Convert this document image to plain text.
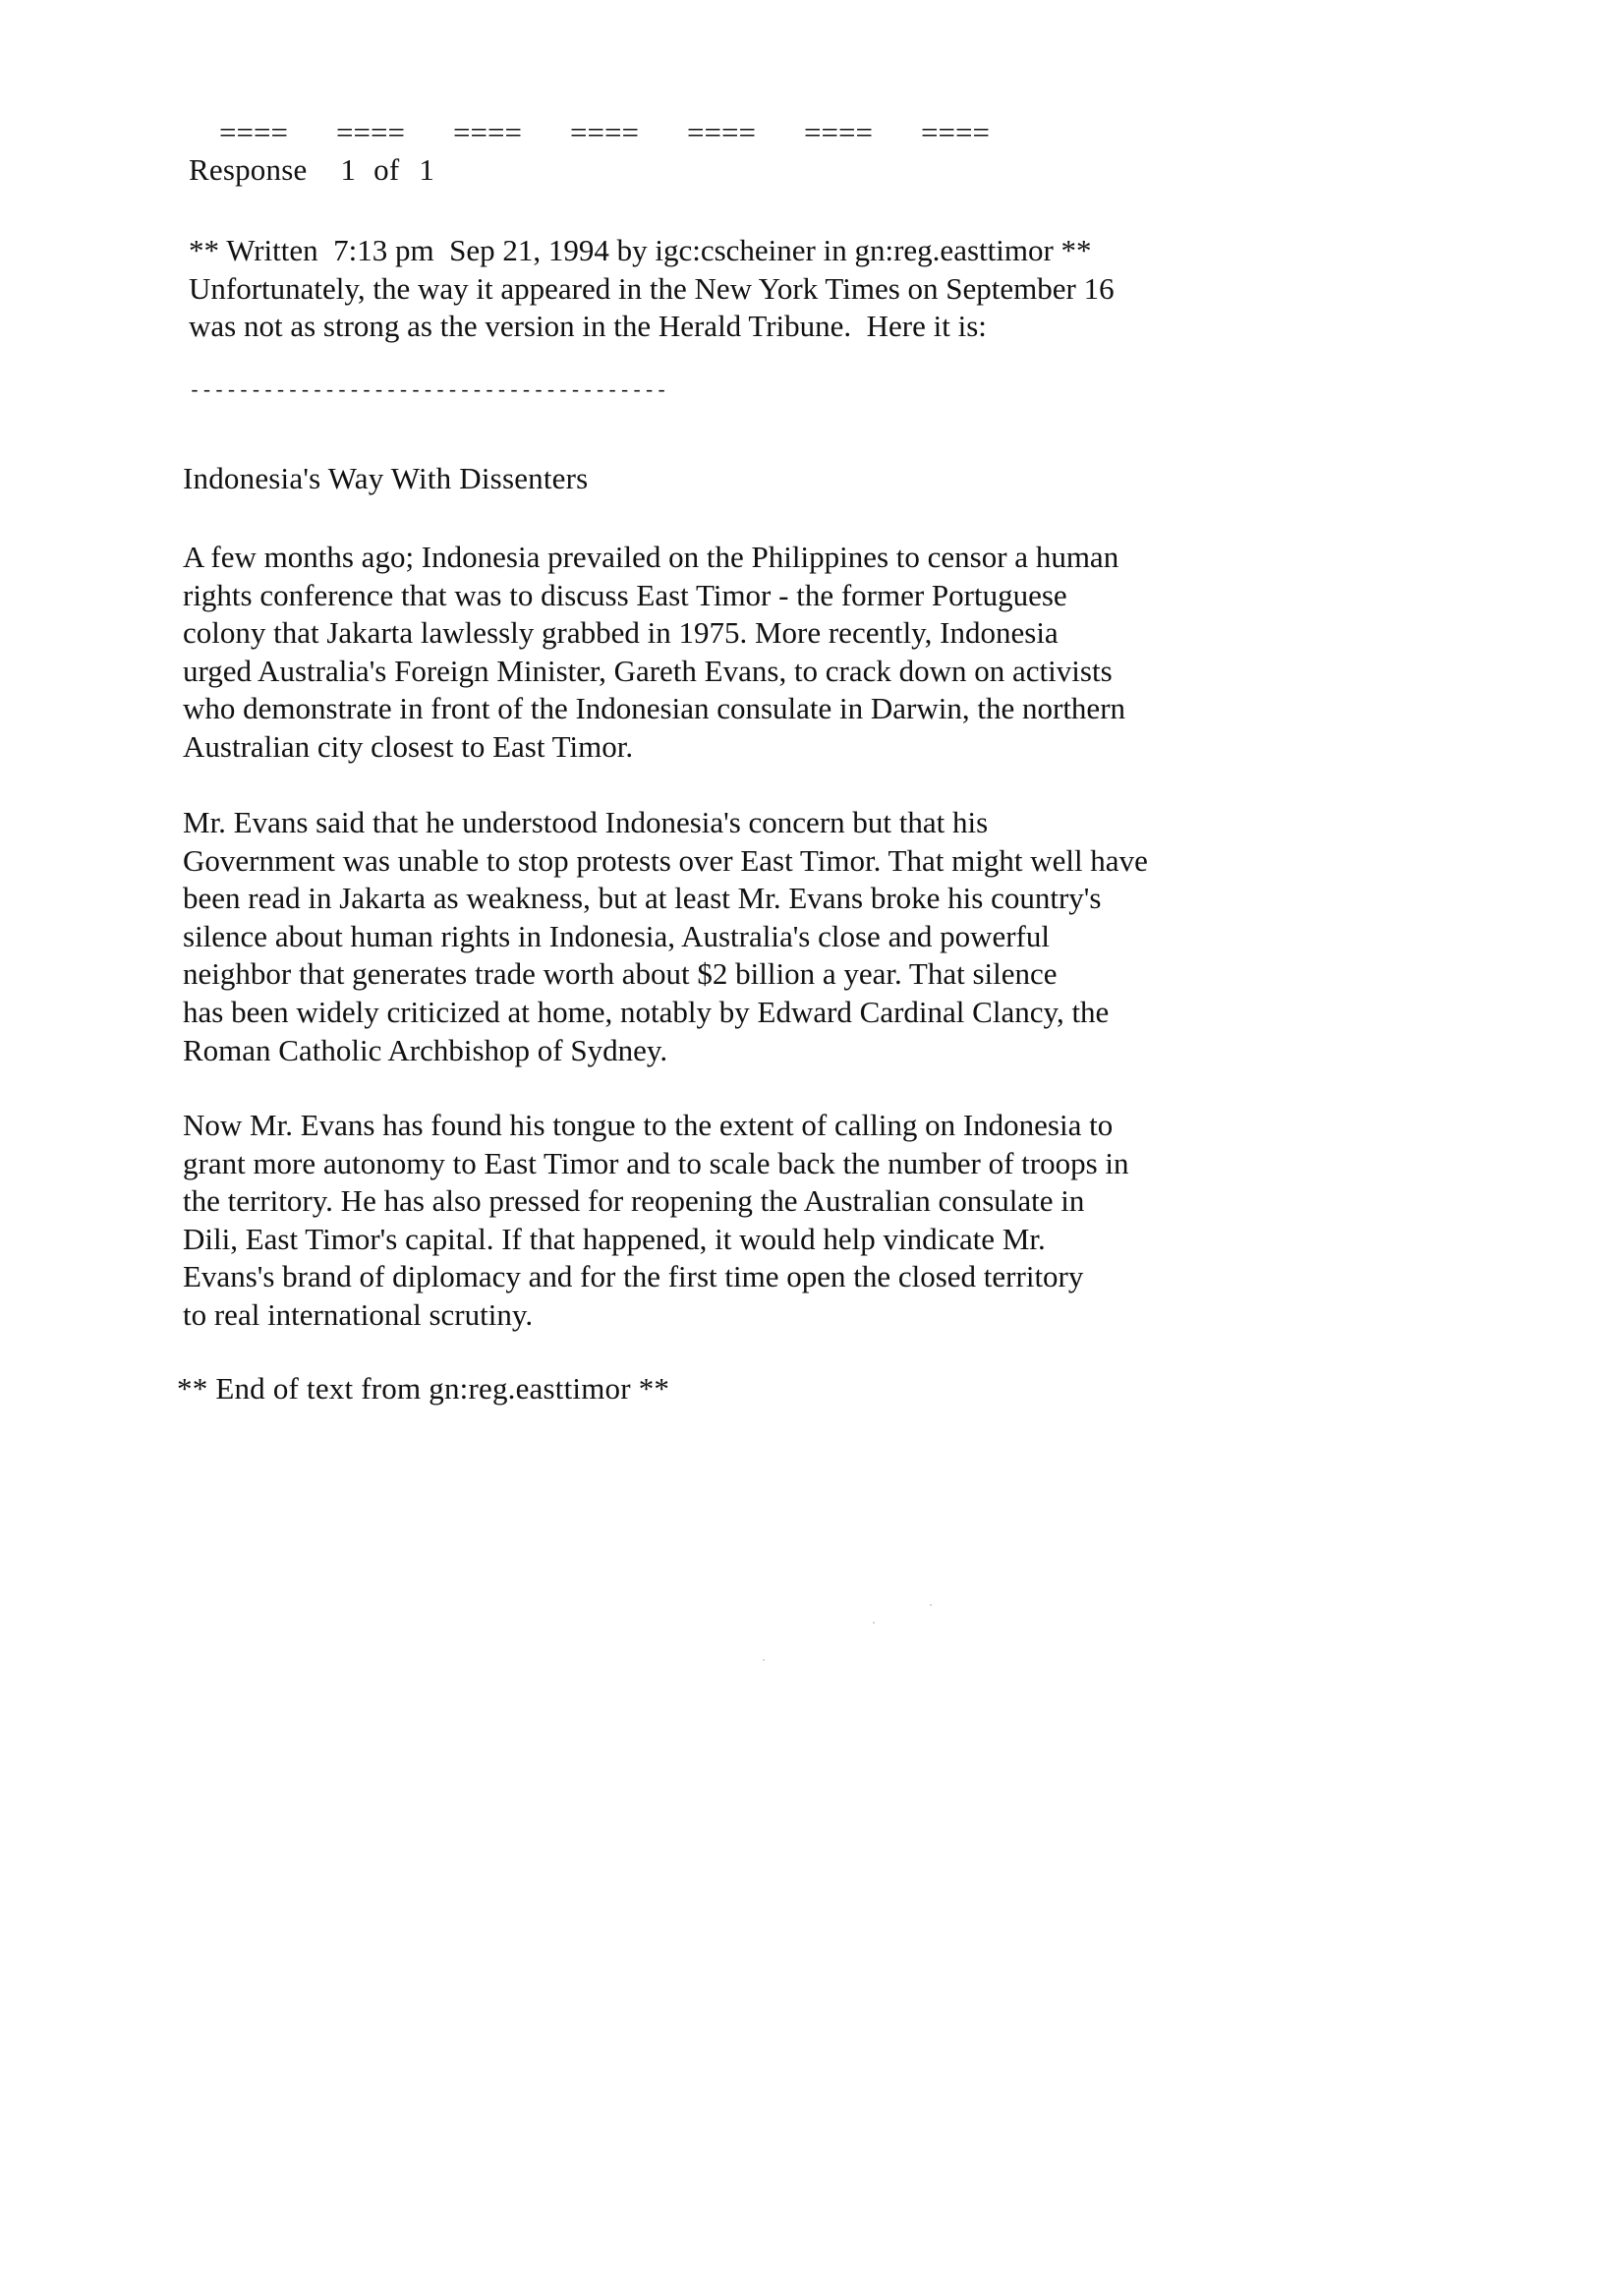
==== ==== ==== ==== ==== ==== ====

Response 1 of 1
** Written  7:13 pm  Sep 21, 1994 by igc:cscheiner in gn:reg.easttimor **
Unfortunately, the way it appeared in the New York Times on September 16
was not as strong as the version in the Herald Tribune.  Here it is:
---------------------------------------
Indonesia's Way With Dissenters
A few months ago; Indonesia prevailed on the Philippines to censor a human
rights conference that was to discuss East Timor - the former Portuguese
colony that Jakarta lawlessly grabbed in 1975. More recently, Indonesia
urged Australia's Foreign Minister, Gareth Evans, to crack down on activists
who demonstrate in front of the Indonesian consulate in Darwin, the northern
Australian city closest to East Timor.
Mr. Evans said that he understood Indonesia's concern but that his
Government was unable to stop protests over East Timor. That might well have
been read in Jakarta as weakness, but at least Mr. Evans broke his country's
silence about human rights in Indonesia, Australia's close and powerful
neighbor that generates trade worth about $2 billion a year. That silence
has been widely criticized at home, notably by Edward Cardinal Clancy, the
Roman Catholic Archbishop of Sydney.
Now Mr. Evans has found his tongue to the extent of calling on Indonesia to
grant more autonomy to East Timor and to scale back the number of troops in
the territory. He has also pressed for reopening the Australian consulate in
Dili, East Timor's capital. If that happened, it would help vindicate Mr.
Evans's brand of diplomacy and for the first time open the closed territory
to real international scrutiny.
** End of text from gn:reg.easttimor **
